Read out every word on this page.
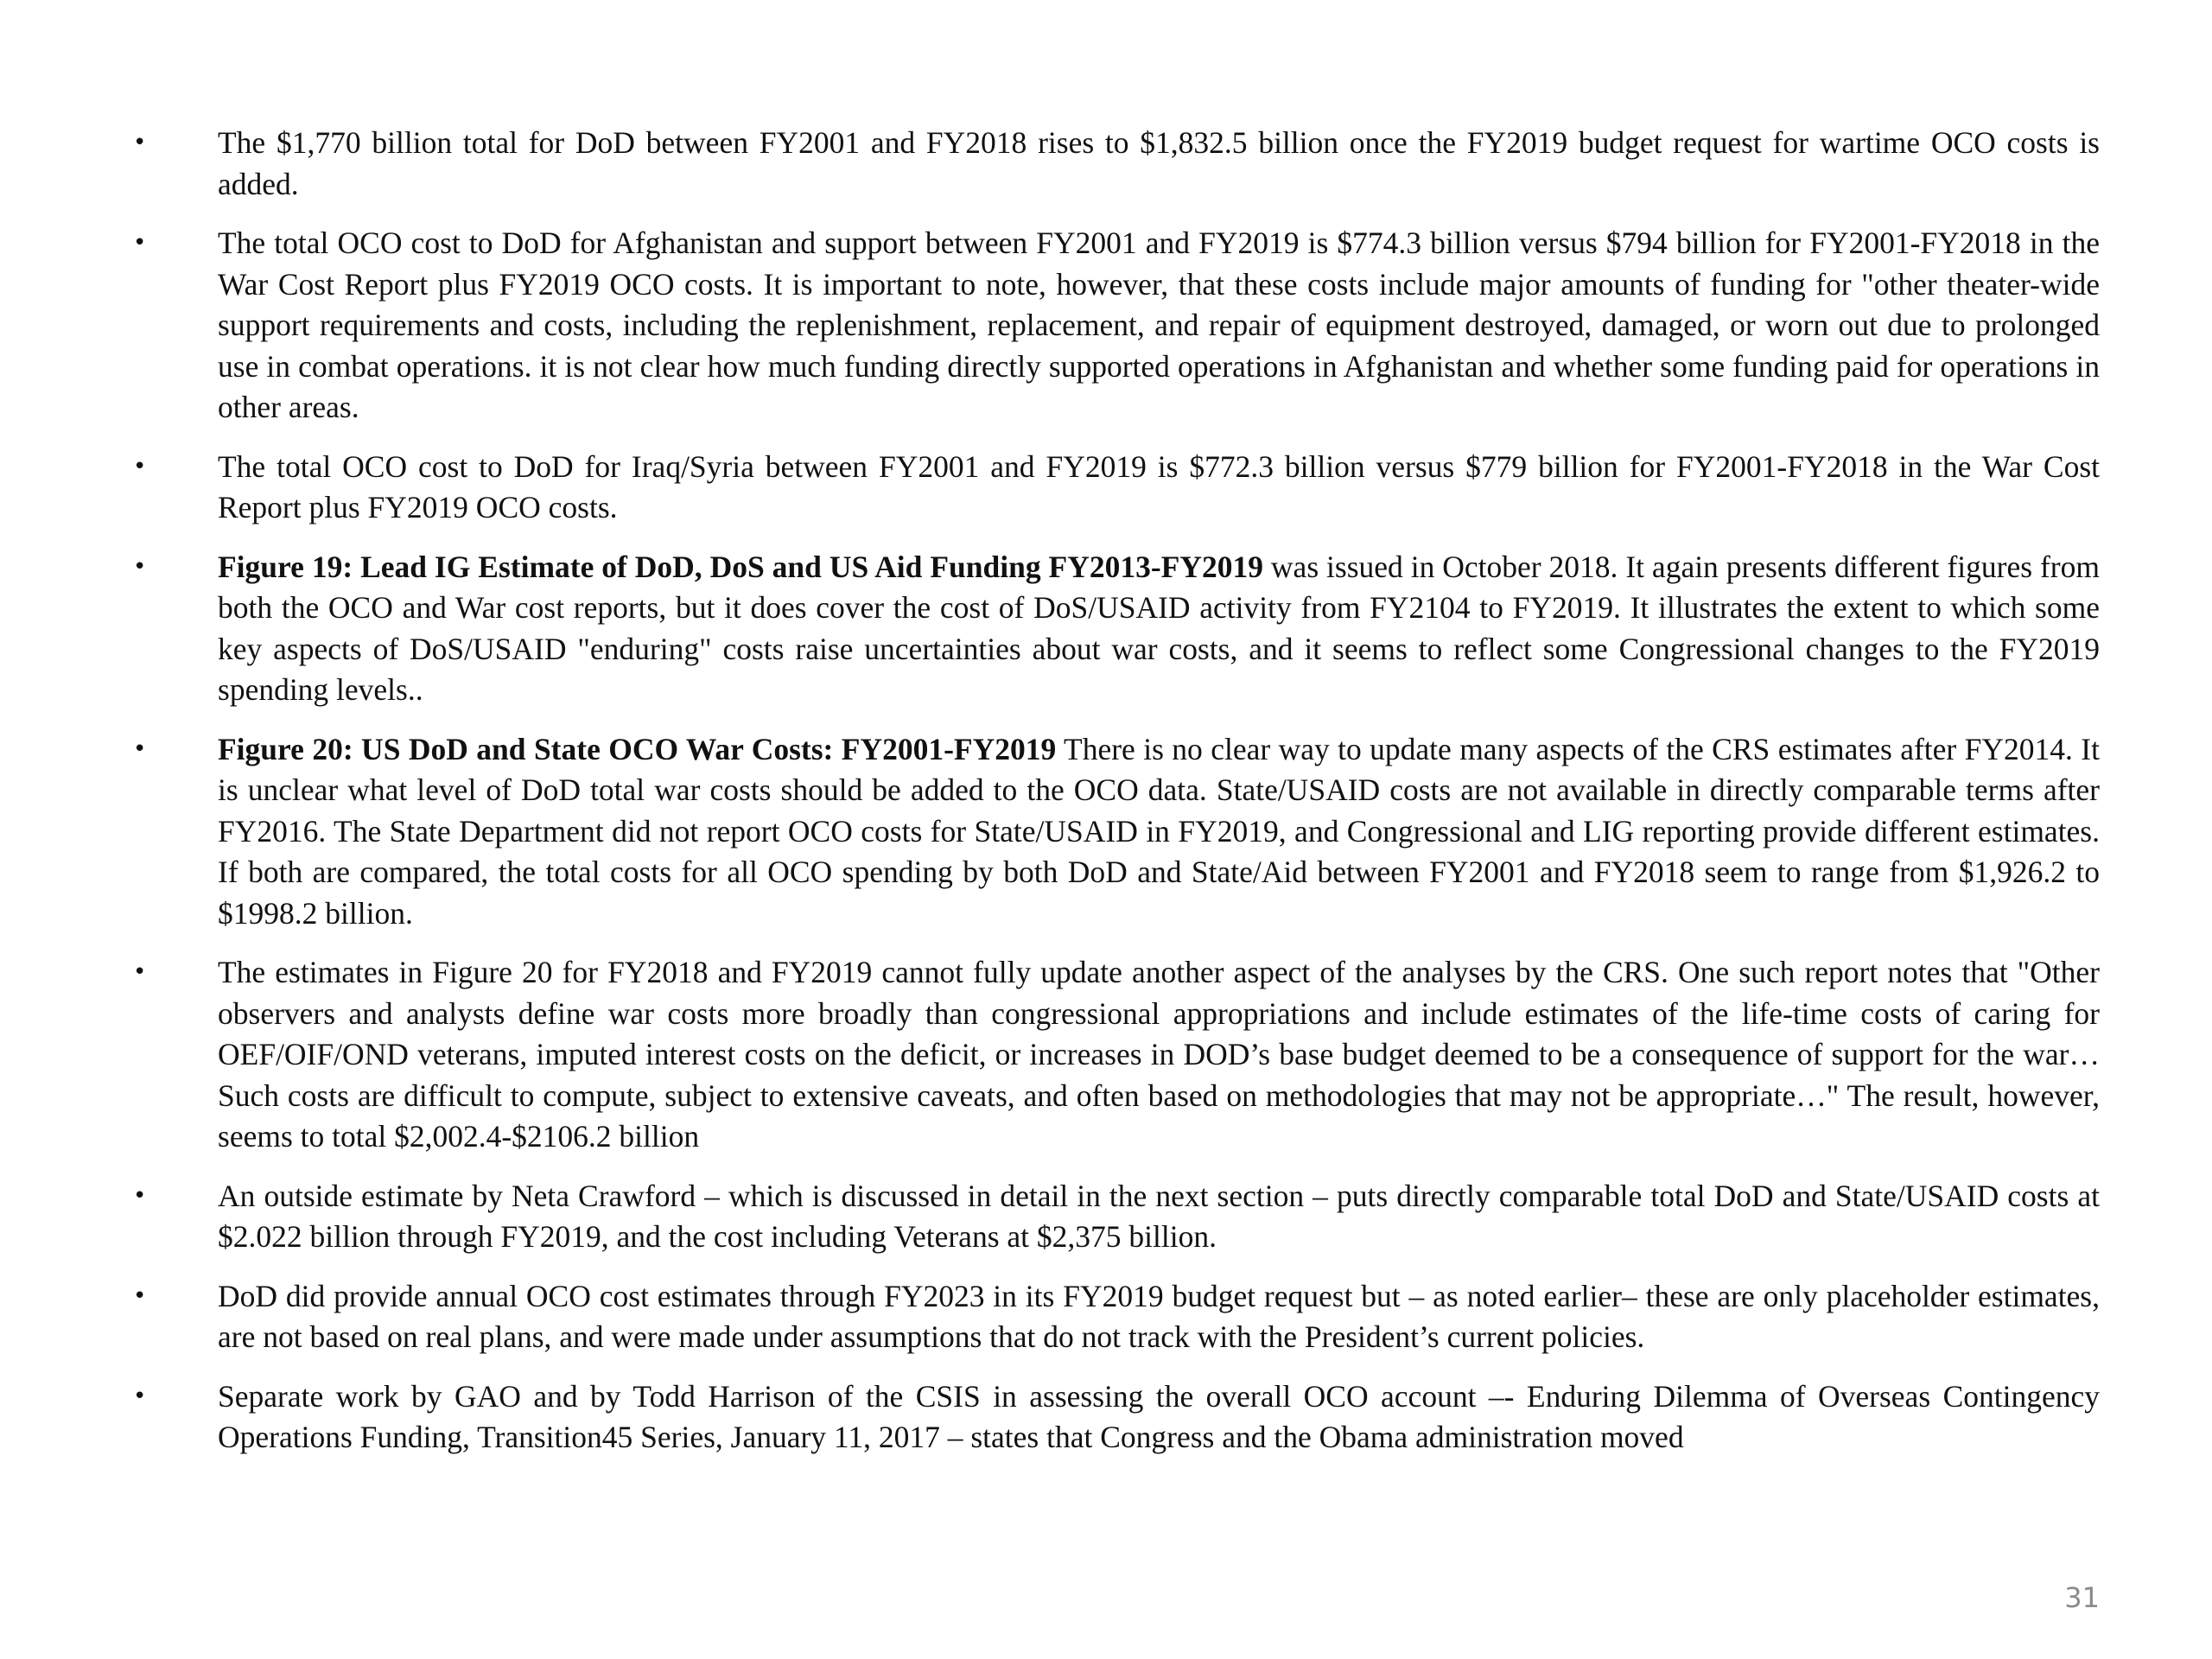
• The $1,770 billion total for DoD between FY2001 and FY2018 rises to $1,832.5 billion once the FY2019 budget request for wartime OCO costs is added.
• The total OCO cost to DoD for Afghanistan and support between FY2001 and FY2019 is $774.3 billion versus $794 billion for FY2001-FY2018 in the War Cost Report plus FY2019 OCO costs. It is important to note, however, that these costs include major amounts of funding for "other theater-wide support requirements and costs, including the replenishment, replacement, and repair of equipment destroyed, damaged, or worn out due to prolonged use in combat operations. it is not clear how much funding directly supported operations in Afghanistan and whether some funding paid for operations in other areas.
• The total OCO cost to DoD for Iraq/Syria between FY2001 and FY2019 is $772.3 billion versus $779 billion for FY2001-FY2018 in the War Cost Report plus FY2019 OCO costs.
• Figure 19: Lead IG Estimate of DoD, DoS and US Aid Funding FY2013-FY2019 was issued in October 2018. It again presents different figures from both the OCO and War cost reports, but it does cover the cost of DoS/USAID activity from FY2104 to FY2019. It illustrates the extent to which some key aspects of DoS/USAID "enduring" costs raise uncertainties about war costs, and it seems to reflect some Congressional changes to the FY2019 spending levels..
• Figure 20: US DoD and State OCO War Costs: FY2001-FY2019 There is no clear way to update many aspects of the CRS estimates after FY2014. It is unclear what level of DoD total war costs should be added to the OCO data. State/USAID costs are not available in directly comparable terms after FY2016. The State Department did not report OCO costs for State/USAID in FY2019, and Congressional and LIG reporting provide different estimates. If both are compared, the total costs for all OCO spending by both DoD and State/Aid between FY2001 and FY2018 seem to range from $1,926.2 to $1998.2 billion.
• The estimates in Figure 20 for FY2018 and FY2019 cannot fully update another aspect of the analyses by the CRS. One such report notes that "Other observers and analysts define war costs more broadly than congressional appropriations and include estimates of the life-time costs of caring for OEF/OIF/OND veterans, imputed interest costs on the deficit, or increases in DOD’s base budget deemed to be a consequence of support for the war…Such costs are difficult to compute, subject to extensive caveats, and often based on methodologies that may not be appropriate…" The result, however, seems to total $2,002.4-$2106.2 billion
• An outside estimate by Neta Crawford – which is discussed in detail in the next section – puts directly comparable total DoD and State/USAID costs at $2.022 billion through FY2019, and the cost including Veterans at $2,375 billion.
• DoD did provide annual OCO cost estimates through FY2023 in its FY2019 budget request but – as noted earlier– these are only placeholder estimates, are not based on real plans, and were made under assumptions that do not track with the President’s current policies.
• Separate work by GAO and by Todd Harrison of the CSIS in assessing the overall OCO account –- Enduring Dilemma of Overseas Contingency Operations Funding, Transition45 Series, January 11, 2017 – states that Congress and the Obama administration moved
31
